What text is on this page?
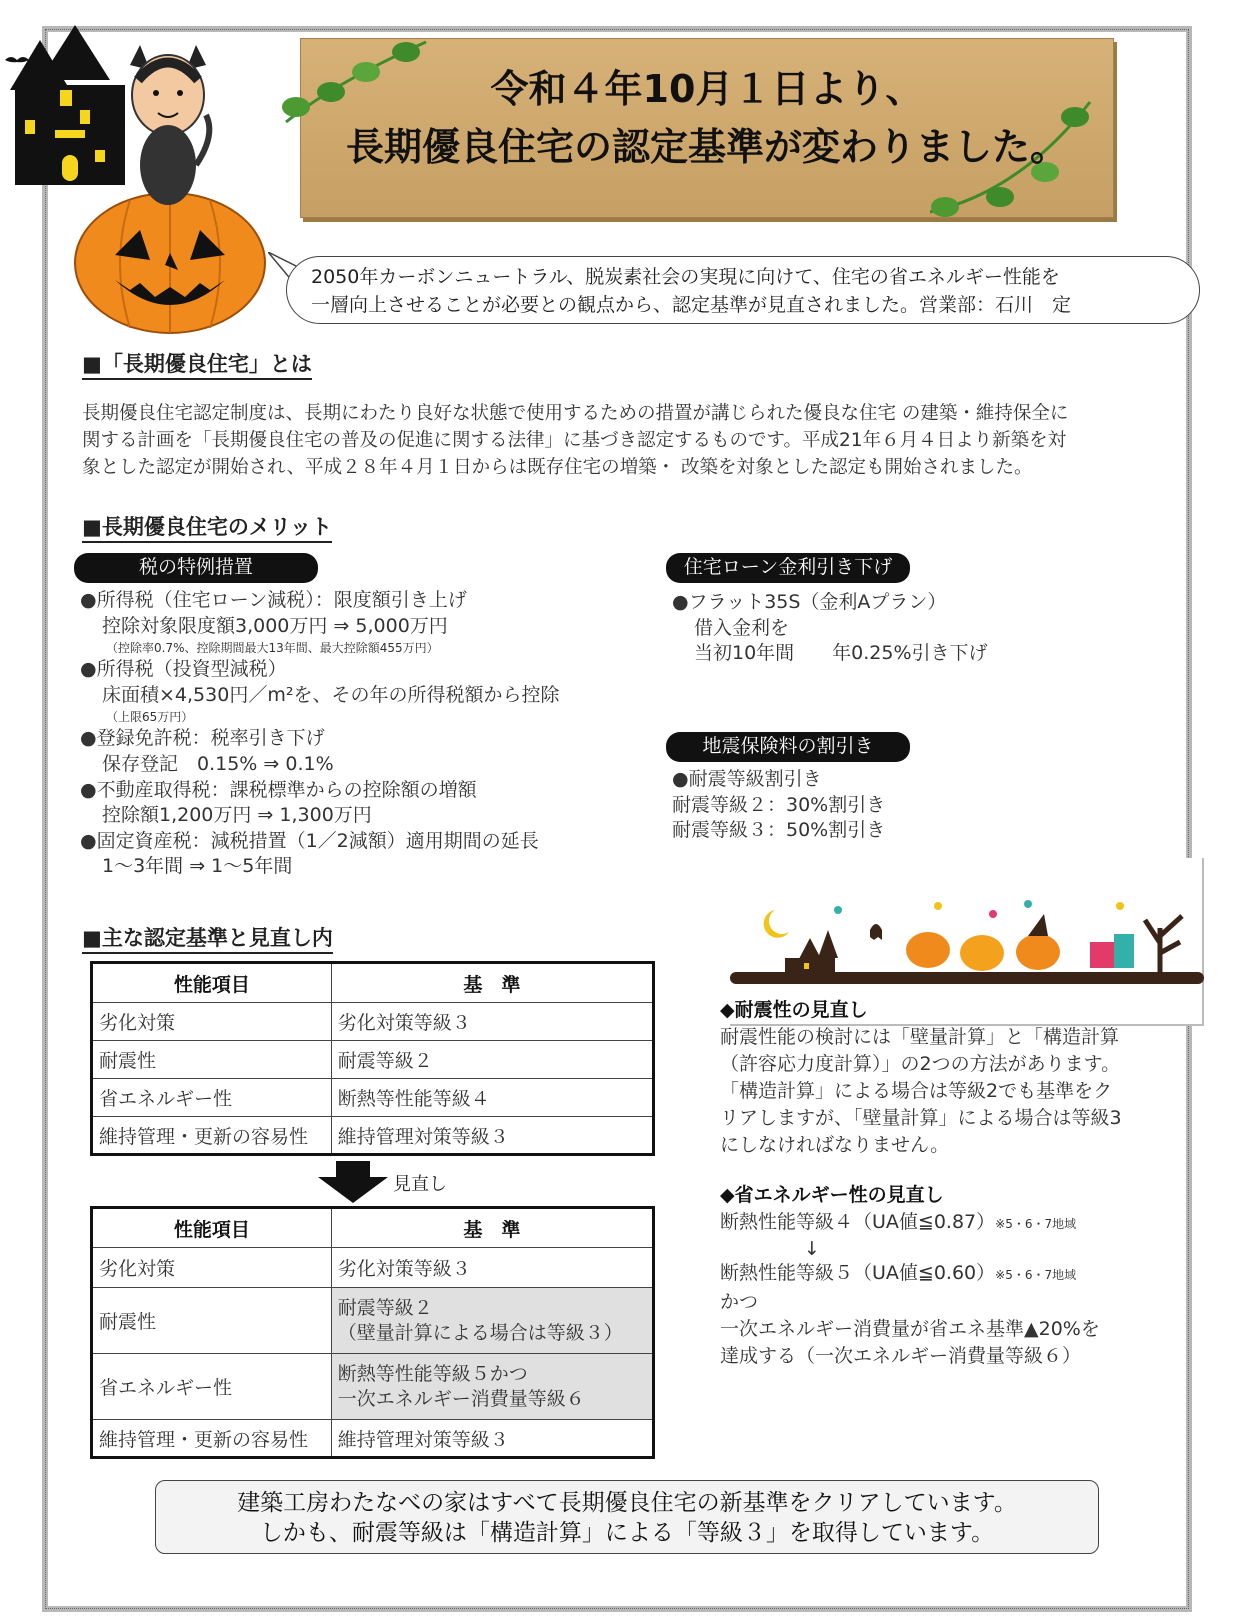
令和４年10月１日より、
長期優良住宅の認定基準が変わりました。
2050年カーボンニュートラル、脱炭素社会の実現に向けて、住宅の省エネルギー性能を
一層向上させることが必要との観点から、認定基準が見直されました。営業部：石川　定
■「長期優良住宅」とは
長期優良住宅認定制度は、長期にわたり良好な状態で使用するための措置が講じられた優良な住宅 の建築・維持保全に
関する計画を「長期優良住宅の普及の促進に関する法律」に基づき認定するものです。平成21年６月４日より新築を対
象とした認定が開始され、平成２８年４月１日からは既存住宅の増築・ 改築を対象とした認定も開始されました。
■長期優良住宅のメリット
税の特例措置
●所得税（住宅ローン減税）：限度額引き上げ
控除対象限度額3,000万円 ⇒ 5,000万円
（控除率0.7%、控除期間最大13年間、最大控除額455万円）
●所得税（投資型減税）
床面積×4,530円／m²を、その年の所得税額から控除
（上限65万円）
●登録免許税：税率引き下げ
保存登記　0.15% ⇒ 0.1%
●不動産取得税：課税標準からの控除額の増額
控除額1,200万円 ⇒ 1,300万円
●固定資産税：減税措置（1／2減額）適用期間の延長
1～3年間 ⇒ 1～5年間
住宅ローン金利引き下げ
●フラット35S（金利Aプラン）
借入金利を
当初10年間　　年0.25%引き下げ
地震保険料の割引き
●耐震等級割引き
耐震等級２：30%割引き
耐震等級３：50%割引き
■主な認定基準と見直し内
性能項目	基　準
劣化対策	劣化対策等級３
耐震性	耐震等級２
省エネルギー性	断熱等性能等級４
維持管理・更新の容易性	維持管理対策等級３
見直し
性能項目	基　準
劣化対策	劣化対策等級３
耐震性	耐震等級２
（壁量計算による場合は等級３）

省エネルギー性	断熱等性能等級５かつ
一次エネルギー消費量等級６

維持管理・更新の容易性	維持管理対策等級３
◆耐震性の見直し
耐震性能の検討には「壁量計算」と「構造計算
（許容応力度計算）」の2つの方法があります。
「構造計算」による場合は等級2でも基準をク
リアしますが、「壁量計算」による場合は等級3
にしなければなりません。
◆省エネルギー性の見直し
断熱性能等級４（UA値≦0.87）※5・6・7地域
↓
断熱性能等級５（UA値≦0.60）※5・6・7地域
かつ
一次エネルギー消費量が省エネ基準▲20%を
達成する（一次エネルギー消費量等級６）
建築工房わたなべの家はすべて長期優良住宅の新基準をクリアしています。
しかも、耐震等級は「構造計算」による「等級３」を取得しています。
